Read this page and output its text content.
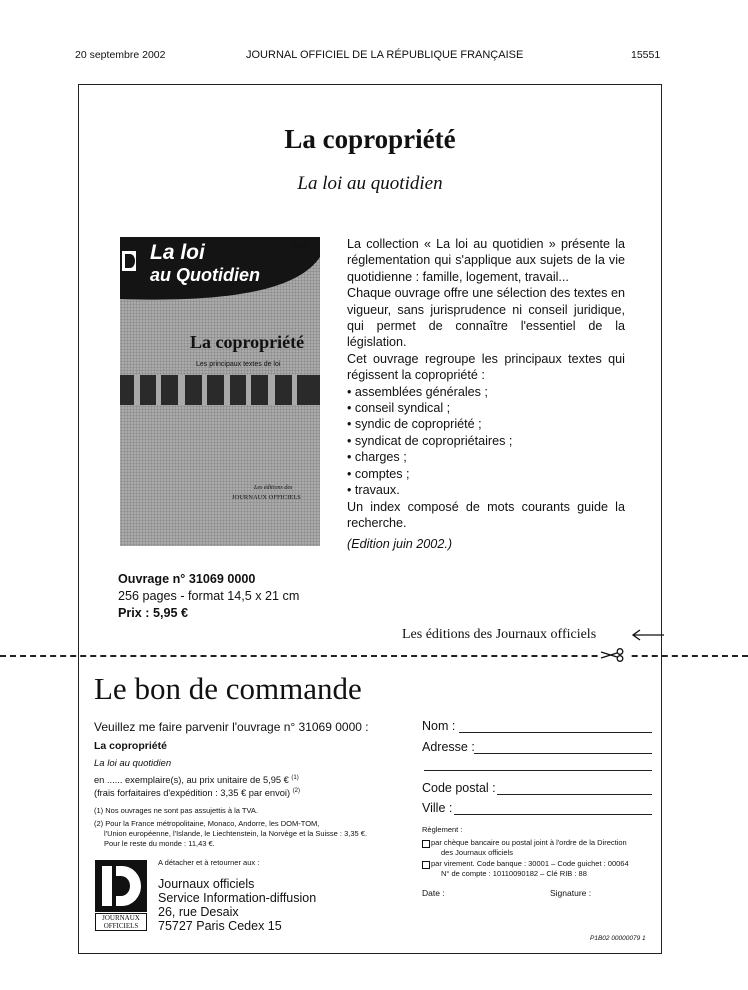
20 septembre 2002	JOURNAL OFFICIEL DE LA RÉPUBLIQUE FRANÇAISE	15551
La copropriété
La loi au quotidien
2002
La loi
au Quotidien
La copropriété
Les principaux textes de loi
Les éditions des
JOURNAUX OFFICIELS

La collection « La loi au quotidien » présente la réglementation qui s'applique aux sujets de la vie quotidienne : famille, logement, travail...

Chaque ouvrage offre une sélection des textes en vigueur, sans jurisprudence ni conseil juridique, qui permet de connaître l'essentiel de la législation.

Cet ouvrage regroupe les principaux textes qui régissent la copropriété :

• assemblées générales ;
• conseil syndical ;
• syndic de copropriété ;
• syndicat de copropriétaires ;
• charges ;
• comptes ;
• travaux.

Un index composé de mots courants guide la recherche.

(Edition juin 2002.)

Ouvrage n° 31069 0000
256 pages - format 14,5 x 21 cm
Prix : 5,95 €
Les éditions des Journaux officiels
Le bon de commande
Veuillez me faire parvenir l'ouvrage n° 31069 0000 :
La copropriété
La loi au quotidien
en ...... exemplaire(s), au prix unitaire de 5,95 € $^{(1)}$
(frais forfaitaires d'expédition : 3,35 € par envoi) $^{(2)}$
(1) Nos ouvrages ne sont pas assujettis à la TVA.
(2) Pour la France métropolitaine, Monaco, Andorre, les DOM-TOM,
l'Union européenne, l'Islande, le Liechtenstein, la Norvège et la Suisse : 3,35 €.
Pour le reste du monde : 11,43 €.
A détacher et à retourner aux :
JOURNAUX
OFFICIELS
Journaux officiels
Service Information-diffusion
26, rue Desaix
75727 Paris Cedex 15
Nom :
Adresse :
Code postal :
Ville :
Règlement :
par chèque bancaire ou postal joint à l'ordre de la Direction
des Journaux officiels
par virement. Code banque : 30001 – Code guichet : 00064
N° de compte : 10110090182 – Clé RIB : 88
Date :	Signature :
P1B02 00000079 1
